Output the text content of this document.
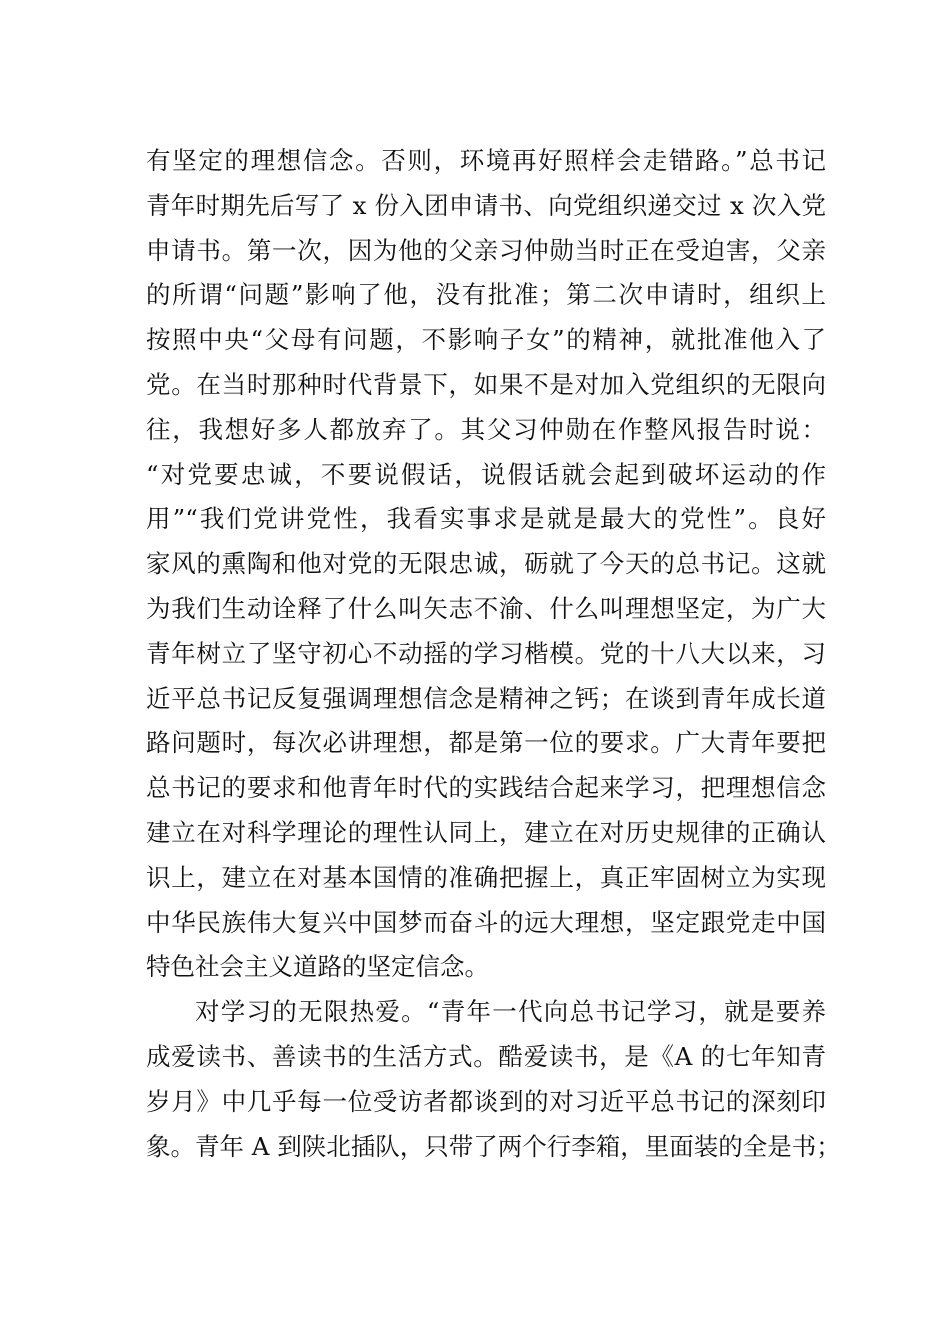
有坚定的理想信念。否则，环境再好照样会走错路。”总书记
青年时期先后写了 x 份入团申请书、向党组织递交过 x 次入党
申请书。第一次，因为他的父亲习仲勋当时正在受迫害，父亲
的所谓“问题”影响了他，没有批准；第二次申请时，组织上
按照中央“父母有问题，不影响子女”的精神，就批准他入了
党。在当时那种时代背景下，如果不是对加入党组织的无限向
往，我想好多人都放弃了。其父习仲勋在作整风报告时说：
“对党要忠诚，不要说假话，说假话就会起到破坏运动的作
用”“我们党讲党性，我看实事求是就是最大的党性”。良好
家风的熏陶和他对党的无限忠诚，砺就了今天的总书记。这就
为我们生动诠释了什么叫矢志不渝、什么叫理想坚定，为广大
青年树立了坚守初心不动摇的学习楷模。党的十八大以来，习
近平总书记反复强调理想信念是精神之钙；在谈到青年成长道
路问题时，每次必讲理想，都是第一位的要求。广大青年要把
总书记的要求和他青年时代的实践结合起来学习，把理想信念
建立在对科学理论的理性认同上，建立在对历史规律的正确认
识上，建立在对基本国情的准确把握上，真正牢固树立为实现
中华民族伟大复兴中国梦而奋斗的远大理想，坚定跟党走中国
特色社会主义道路的坚定信念。
对学习的无限热爱。“青年一代向总书记学习，就是要养
成爱读书、善读书的生活方式。酷爱读书，是《A 的七年知青
岁月》中几乎每一位受访者都谈到的对习近平总书记的深刻印
象。青年 A 到陕北插队，只带了两个行李箱，里面装的全是书；
